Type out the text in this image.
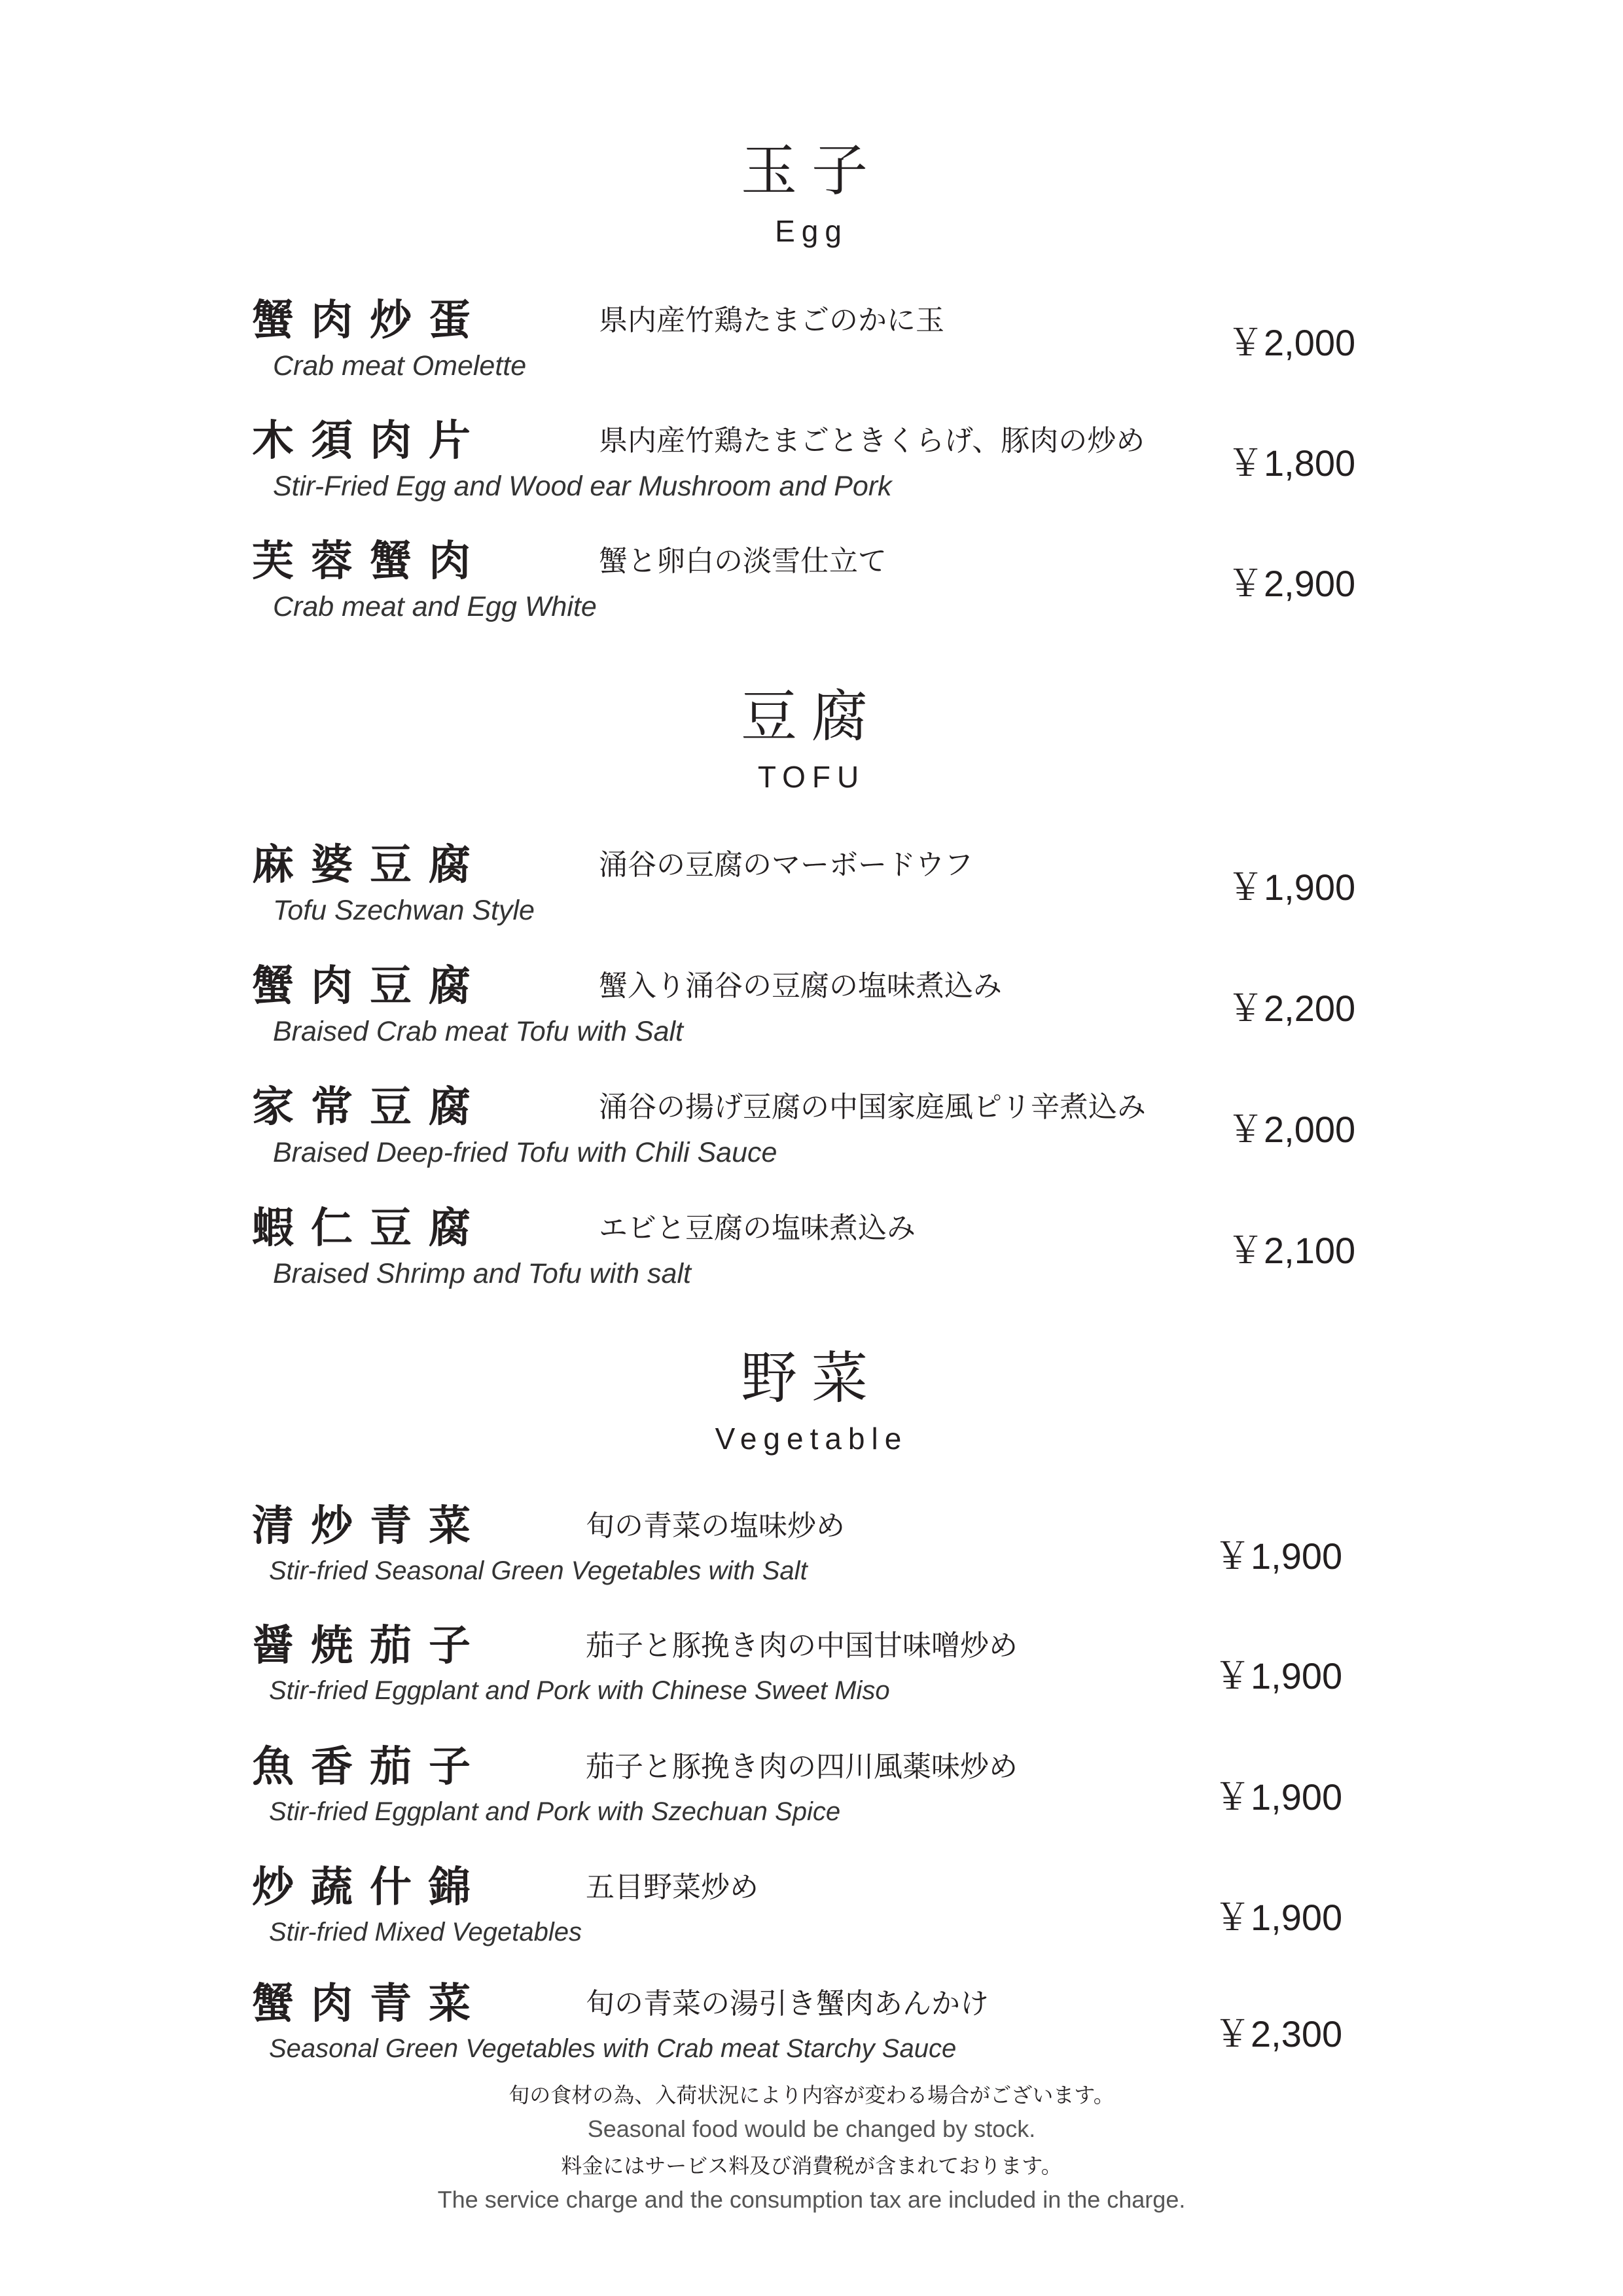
玉子
Egg
蟹肉炒蛋	県内産竹鶏たまごのかに玉
Crab meat Omelette
￥2,000
木須肉片	県内産竹鶏たまごときくらげ、豚肉の炒め
Stir-Fried Egg and Wood ear Mushroom and Pork
￥1,800
芙蓉蟹肉	蟹と卵白の淡雪仕立て
Crab meat and Egg White
￥2,900
豆腐
TOFU
麻婆豆腐	涌谷の豆腐のマーボードウフ
Tofu Szechwan Style
￥1,900
蟹肉豆腐	蟹入り涌谷の豆腐の塩味煮込み
Braised Crab meat Tofu with Salt
￥2,200
家常豆腐	涌谷の揚げ豆腐の中国家庭風ピリ辛煮込み
Braised Deep-fried Tofu with Chili Sauce
￥2,000
蝦仁豆腐	エビと豆腐の塩味煮込み
Braised Shrimp and Tofu with salt
￥2,100
野菜
Vegetable
清炒青菜	旬の青菜の塩味炒め
Stir-fried Seasonal Green Vegetables with Salt	￥1,900
醤焼茄子	茄子と豚挽き肉の中国甘味噌炒め
Stir-fried Eggplant and Pork with Chinese Sweet Miso	￥1,900
魚香茄子	茄子と豚挽き肉の四川風薬味炒め
Stir-fried Eggplant and Pork with Szechuan Spice	￥1,900
炒蔬什錦	五目野菜炒め
Stir-fried Mixed Vegetables	￥1,900
蟹肉青菜	旬の青菜の湯引き蟹肉あんかけ
Seasonal Green Vegetables with Crab meat Starchy Sauce	￥2,300
旬の食材の為、入荷状況により内容が変わる場合がございます。
Seasonal food would be changed by stock.
料金にはサービス料及び消費税が含まれております。
The service charge and the consumption tax are included in the charge.
